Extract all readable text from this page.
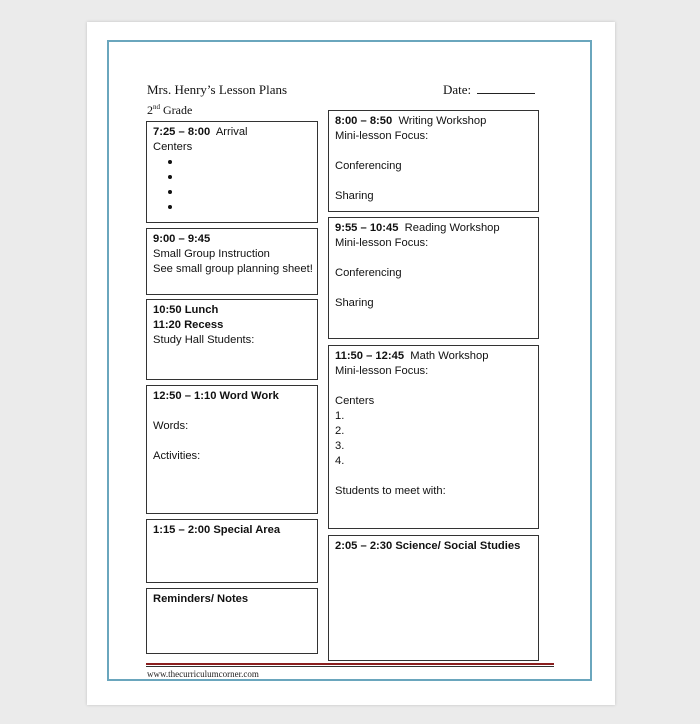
Mrs. Henry’s Lesson Plans	Date:
2nd Grade
7:25 – 8:00 Arrival
Centers
9:00 – 9:45
Small Group Instruction
See small group planning sheet!
10:50 Lunch
11:20 Recess
Study Hall Students:
12:50 – 1:10 Word Work
Words:
Activities:
1:15 – 2:00 Special Area
Reminders/ Notes
8:00 – 8:50 Writing Workshop
Mini-lesson Focus:
Conferencing
Sharing
9:55 – 10:45 Reading Workshop
Mini-lesson Focus:
Conferencing
Sharing
11:50 – 12:45 Math Workshop
Mini-lesson Focus:
Centers
1.
2.
3.
4.
Students to meet with:
2:05 – 2:30 Science/ Social Studies
www.thecurriculumcorner.com
